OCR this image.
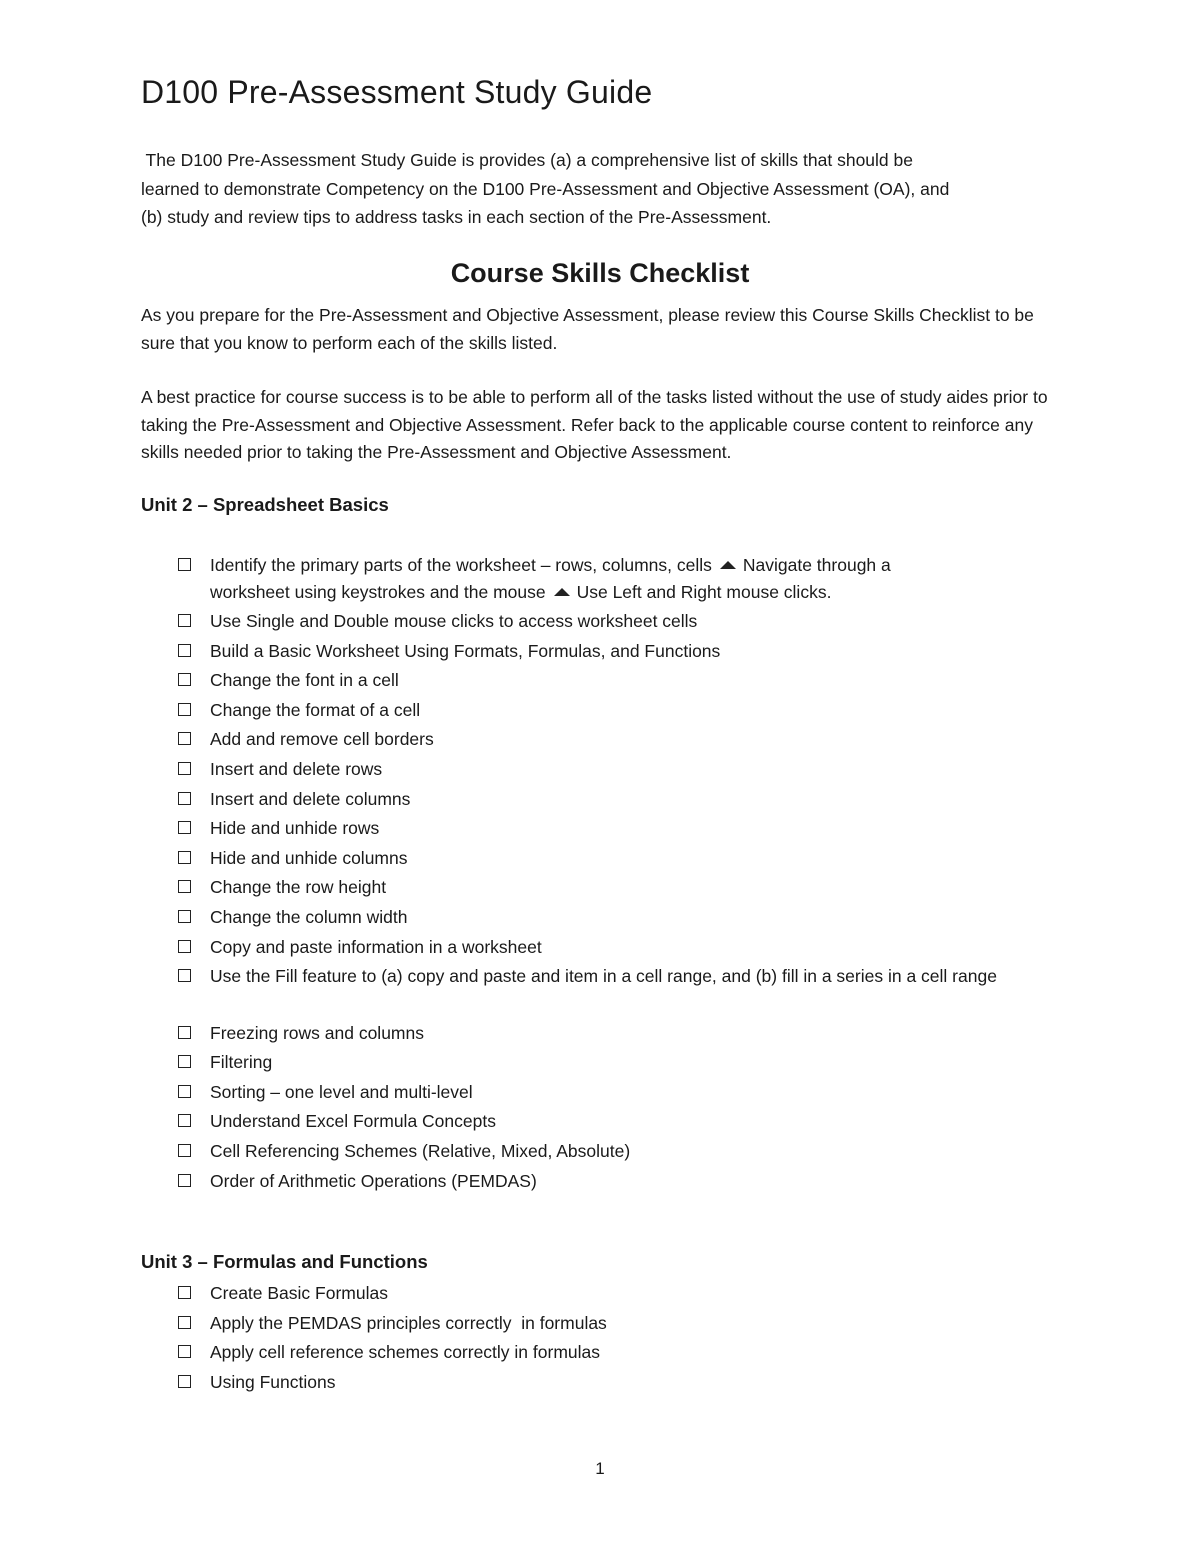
D100 Pre-Assessment Study Guide

The D100 Pre-Assessment Study Guide is provides (a) a comprehensive list of skills that should be
learned to demonstrate Competency on the D100 Pre-Assessment and Objective Assessment (OA), and
(b) study and review tips to address tasks in each section of the Pre-Assessment.

Course Skills Checklist

As you prepare for the Pre-Assessment and Objective Assessment, please review this Course Skills Checklist to be sure that you know to perform each of the skills listed.

A best practice for course success is to be able to perform all of the tasks listed without the use of study aides prior to taking the Pre-Assessment and Objective Assessment. Refer back to the applicable course content to reinforce any skills needed prior to taking the Pre-Assessment and Objective Assessment.

Unit 2 – Spreadsheet Basics
Identify the primary parts of the worksheet – rows, columns, cells Navigate through a
worksheet using keystrokes and the mouse Use Left and Right mouse clicks.
Use Single and Double mouse clicks to access worksheet cells
Build a Basic Worksheet Using Formats, Formulas, and Functions
Change the font in a cell
Change the format of a cell
Add and remove cell borders
Insert and delete rows
Insert and delete columns
Hide and unhide rows
Hide and unhide columns
Change the row height
Change the column width
Copy and paste information in a worksheet
Use the Fill feature to (a) copy and paste and item in a cell range, and (b) fill in a series in a cell range
Freezing rows and columns
Filtering
Sorting – one level and multi-level
Understand Excel Formula Concepts
Cell Referencing Schemes (Relative, Mixed, Absolute)
Order of Arithmetic Operations (PEMDAS)
Unit 3 – Formulas and Functions
Create Basic Formulas
Apply the PEMDAS principles correctly  in formulas
Apply cell reference schemes correctly in formulas
Using Functions

1
